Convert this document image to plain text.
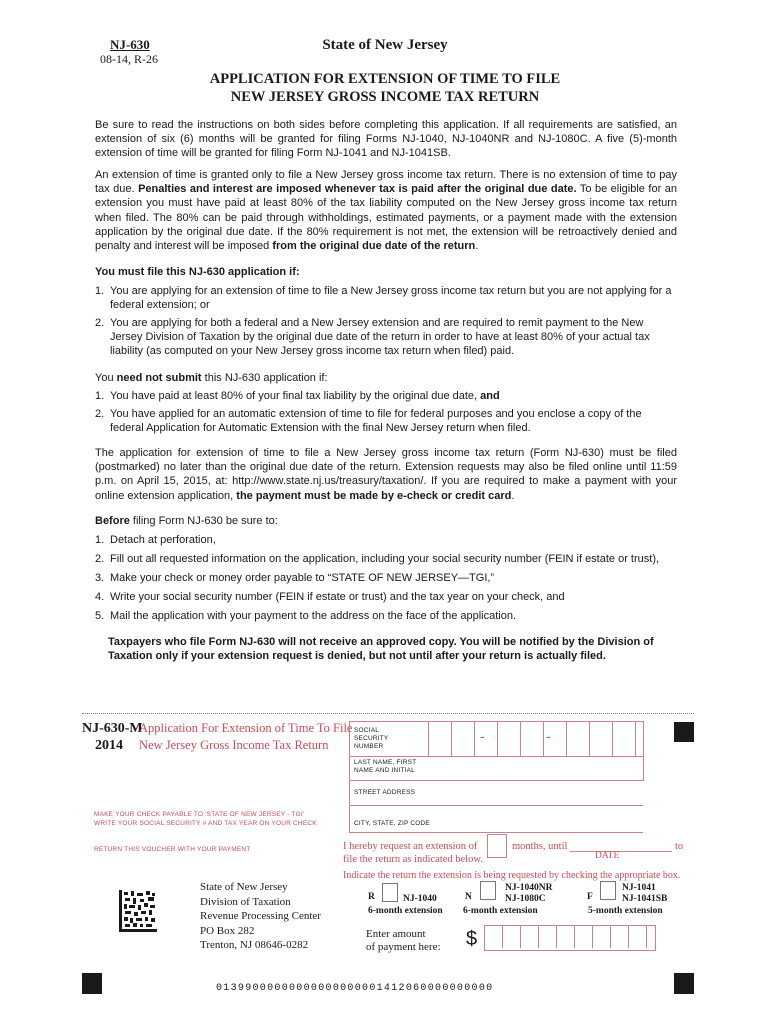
NJ-630
08-14, R-26
State of New Jersey
APPLICATION FOR EXTENSION OF TIME TO FILE
NEW JERSEY GROSS INCOME TAX RETURN
Be sure to read the instructions on both sides before completing this application. If all requirements are satisfied, an extension of six (6) months will be granted for filing Forms NJ-1040, NJ-1040NR and NJ-1080C. A five (5)-month extension of time will be granted for filing Form NJ-1041 and NJ-1041SB.
An extension of time is granted only to file a New Jersey gross income tax return. There is no extension of time to pay tax due. Penalties and interest are imposed whenever tax is paid after the original due date. To be eligible for an extension you must have paid at least 80% of the tax liability computed on the New Jersey gross income tax return when filed. The 80% can be paid through withholdings, estimated payments, or a payment made with the extension application by the original due date. If the 80% requirement is not met, the extension will be retroactively denied and penalty and interest will be imposed from the original due date of the return.
You must file this NJ-630 application if:
1. You are applying for an extension of time to file a New Jersey gross income tax return but you are not applying for a federal extension; or
2. You are applying for both a federal and a New Jersey extension and are required to remit payment to the New Jersey Division of Taxation by the original due date of the return in order to have at least 80% of your actual tax liability (as computed on your New Jersey gross income tax return when filed) paid.
You need not submit this NJ-630 application if:
1. You have paid at least 80% of your final tax liability by the original due date, and
2. You have applied for an automatic extension of time to file for federal purposes and you enclose a copy of the federal Application for Automatic Extension with the final New Jersey return when filed.
The application for extension of time to file a New Jersey gross income tax return (Form NJ-630) must be filed (postmarked) no later than the original due date of the return. Extension requests may also be filed online until 11:59 p.m. on April 15, 2015, at: http://www.state.nj.us/treasury/taxation/. If you are required to make a payment with your online extension application, the payment must be made by e-check or credit card.
Before filing Form NJ-630 be sure to:
1. Detach at perforation,
2. Fill out all requested information on the application, including your social security number (FEIN if estate or trust),
3. Make your check or money order payable to “STATE OF NEW JERSEY—TGI,”
4. Write your social security number (FEIN if estate or trust) and the tax year on your check, and
5. Mail the application with your payment to the address on the face of the application.
Taxpayers who file Form NJ-630 will not receive an approved copy. You will be notified by the Division of Taxation only if your extension request is denied, but not until after your return is actually filed.
NJ-630-M
2014
Application For Extension of Time To File
New Jersey Gross Income Tax Return
SOCIAL
SECURITY
NUMBER
-	-
LAST NAME, FIRST
NAME AND INITIAL
STREET ADDRESS
CITY, STATE, ZIP CODE
MAKE YOUR CHECK PAYABLE TO 'STATE OF NEW JERSEY - TGI'
WRITE YOUR SOCIAL SECURITY # AND TAX YEAR ON YOUR CHECK
RETURN THIS VOUCHER WITH YOUR PAYMENT	I hereby request an extension of	months, until	to
file the return as indicated below.	DATE
Indicate the return the extension is being requested by checking the appropriate box.
R	NJ-1040
6-month extension
N
NJ-1040NR
NJ-1080C
6-month extension
F
NJ-1041
NJ-1041SB
5-month extension
State of New Jersey
Division of Taxation
Revenue Processing Center
PO Box 282
Trenton, NJ 08646-0282
Enter amount
of payment here: $
01399000000000000000001412060000000000
